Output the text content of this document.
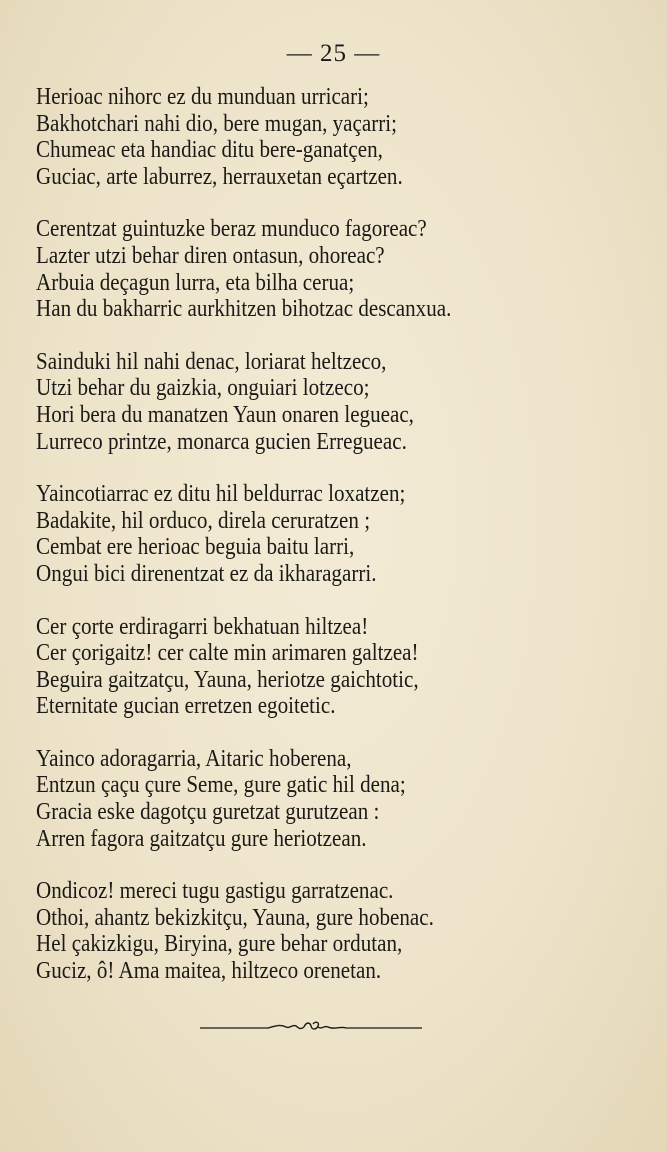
— 25 —
Herioac nihorc ez du munduan urricari;
Bakhotchari nahi dio, bere mugan, yaçarri;
Chumeac eta handiac ditu bere-ganatçen,
Guciac, arte laburrez, herrauxetan eçartzen.
Cerentzat guintuzke beraz munduco fagoreac?
Lazter utzi behar diren ontasun, ohoreac?
Arbuia deçagun lurra, eta bilha cerua;
Han du bakharric aurkhitzen bihotzac descanxua.
Sainduki hil nahi denac, loriarat heltzeco,
Utzi behar du gaizkia, onguiari lotzeco;
Hori bera du manatzen Yaun onaren legueac,
Lurreco printze, monarca gucien Erregueac.
Yaincotiarrac ez ditu hil beldurrac loxatzen;
Badakite, hil orduco, direla ceruratzen ;
Cembat ere herioac beguia baitu larri,
Ongui bici direnentzat ez da ikharagarri.
Cer çorte erdiragarri bekhatuan hiltzea!
Cer çorigaitz! cer calte min arimaren galtzea!
Beguira gaitzatçu, Yauna, heriotze gaichtotic,
Eternitate gucian erretzen egoitetic.
Yainco adoragarria, Aitaric hoberena,
Entzun çaçu çure Seme, gure gatic hil dena;
Gracia eske dagotçu guretzat gurutzean :
Arren fagora gaitzatçu gure heriotzean.
Ondicoz! mereci tugu gastigu garratzenac.
Othoi, ahantz bekizkitçu, Yauna, gure hobenac.
Hel çakizkigu, Biryina, gure behar ordutan,
Guciz, ô! Ama maitea, hiltzeco orenetan.
